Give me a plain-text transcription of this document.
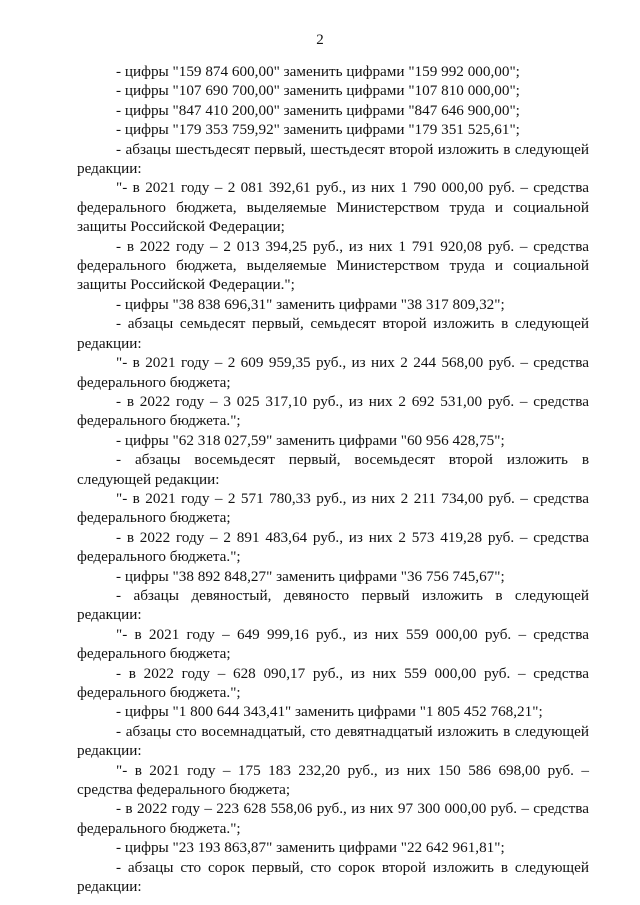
2

- цифры "159 874 600,00" заменить цифрами "159 992 000,00";

- цифры "107 690 700,00" заменить цифрами "107 810 000,00";

- цифры "847 410 200,00" заменить цифрами "847 646 900,00";

- цифры "179 353 759,92" заменить цифрами "179 351 525,61";

- абзацы шестьдесят первый, шестьдесят второй изложить в следующей редакции:

"- в 2021 году – 2 081 392,61 руб., из них 1 790 000,00 руб. – средства федерального бюджета, выделяемые Министерством труда и социальной защиты Российской Федерации;

- в 2022 году – 2 013 394,25 руб., из них 1 791 920,08 руб. – средства федерального бюджета, выделяемые Министерством труда и социальной защиты Российской Федерации.";

- цифры "38 838 696,31" заменить цифрами "38 317 809,32";

- абзацы семьдесят первый, семьдесят второй изложить в следующей редакции:

"- в 2021 году – 2 609 959,35 руб., из них 2 244 568,00 руб. – средства федерального бюджета;

- в 2022 году – 3 025 317,10 руб., из них 2 692 531,00 руб. – средства федерального бюджета.";

- цифры "62 318 027,59" заменить цифрами "60 956 428,75";

- абзацы восемьдесят первый, восемьдесят второй изложить в следующей редакции:

"- в 2021 году – 2 571 780,33 руб., из них 2 211 734,00 руб. – средства федерального бюджета;

- в 2022 году – 2 891 483,64 руб., из них 2 573 419,28 руб. – средства федерального бюджета.";

- цифры "38 892 848,27" заменить цифрами "36 756 745,67";

- абзацы девяностый, девяносто первый изложить в следующей редакции:

"- в 2021 году – 649 999,16 руб., из них 559 000,00 руб. – средства федерального бюджета;

- в 2022 году – 628 090,17 руб., из них 559 000,00 руб. – средства федерального бюджета.";

- цифры "1 800 644 343,41" заменить цифрами "1 805 452 768,21";

- абзацы сто восемнадцатый, сто девятнадцатый изложить в следующей редакции:

"- в 2021 году – 175 183 232,20 руб., из них 150 586 698,00 руб. – средства федерального бюджета;

- в 2022 году – 223 628 558,06 руб., из них 97 300 000,00 руб. – средства федерального бюджета.";

- цифры "23 193 863,87" заменить цифрами "22 642 961,81";

- абзацы сто сорок первый, сто сорок второй изложить в следующей редакции:
